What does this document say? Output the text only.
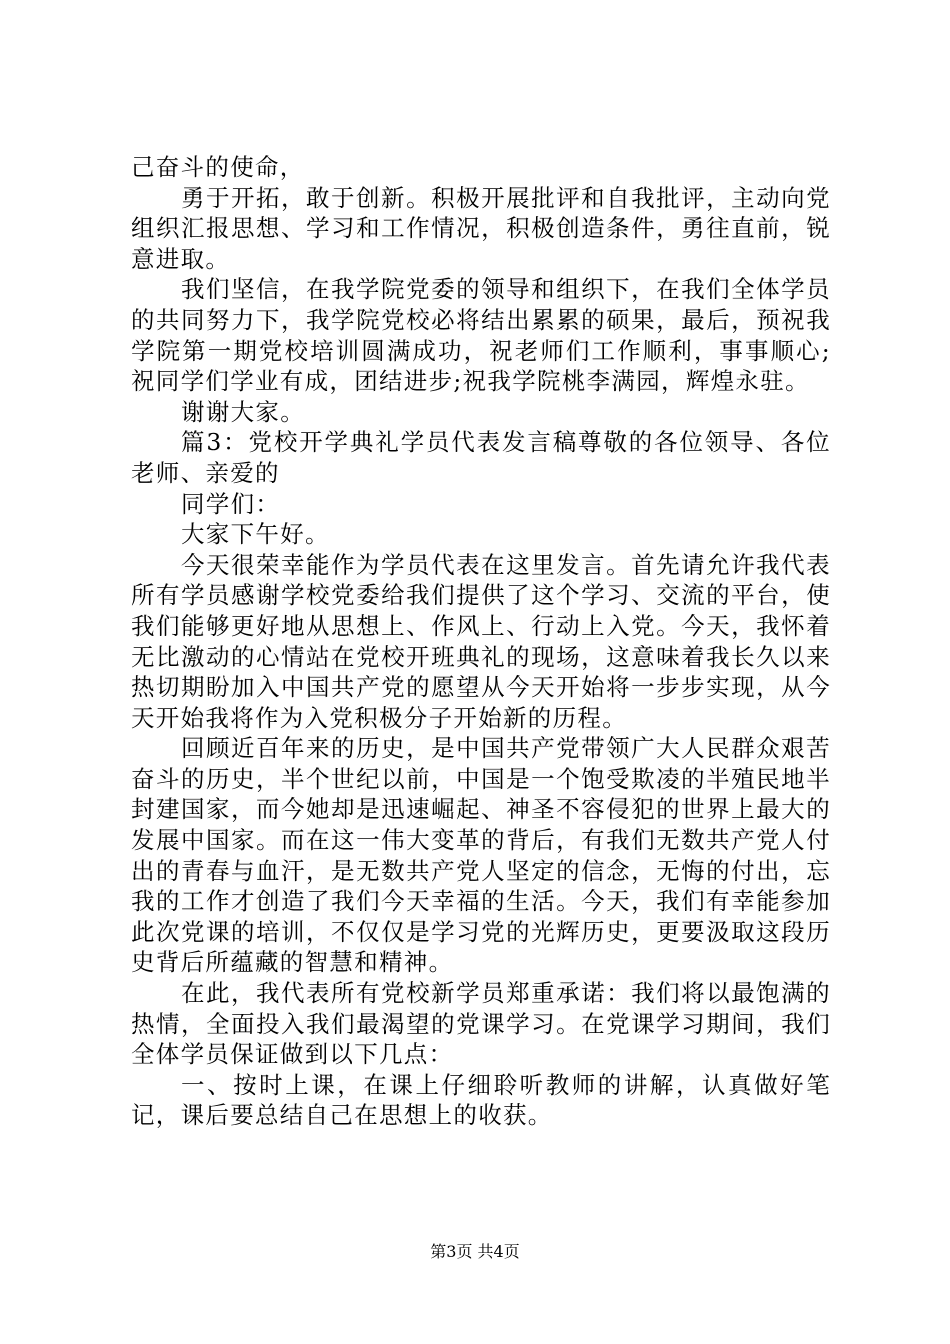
己奋斗的使命，

勇于开拓，敢于创新。积极开展批评和自我批评，主动向党组织汇报思想、学习和工作情况，积极创造条件，勇往直前，锐意进取。

我们坚信，在我学院党委的领导和组织下，在我们全体学员的共同努力下，我学院党校必将结出累累的硕果，最后，预祝我学院第一期党校培训圆满成功，祝老师们工作顺利，事事顺心;祝同学们学业有成，团结进步;祝我学院桃李满园，辉煌永驻。

谢谢大家。

篇3：党校开学典礼学员代表发言稿尊敬的各位领导、各位老师、亲爱的

同学们：

大家下午好。

今天很荣幸能作为学员代表在这里发言。首先请允许我代表所有学员感谢学校党委给我们提供了这个学习、交流的平台，使我们能够更好地从思想上、作风上、行动上入党。今天，我怀着无比激动的心情站在党校开班典礼的现场，这意味着我长久以来热切期盼加入中国共产党的愿望从今天开始将一步步实现，从今天开始我将作为入党积极分子开始新的历程。

回顾近百年来的历史，是中国共产党带领广大人民群众艰苦奋斗的历史，半个世纪以前，中国是一个饱受欺凌的半殖民地半封建国家，而今她却是迅速崛起、神圣不容侵犯的世界上最大的发展中国家。而在这一伟大变革的背后，有我们无数共产党人付出的青春与血汗，是无数共产党人坚定的信念，无悔的付出，忘我的工作才创造了我们今天幸福的生活。今天，我们有幸能参加此次党课的培训，不仅仅是学习党的光辉历史，更要汲取这段历史背后所蕴藏的智慧和精神。

在此，我代表所有党校新学员郑重承诺：我们将以最饱满的热情，全面投入我们最渴望的党课学习。在党课学习期间，我们全体学员保证做到以下几点：

一、按时上课，在课上仔细聆听教师的讲解，认真做好笔记，课后要总结自己在思想上的收获。

第3页 共4页
